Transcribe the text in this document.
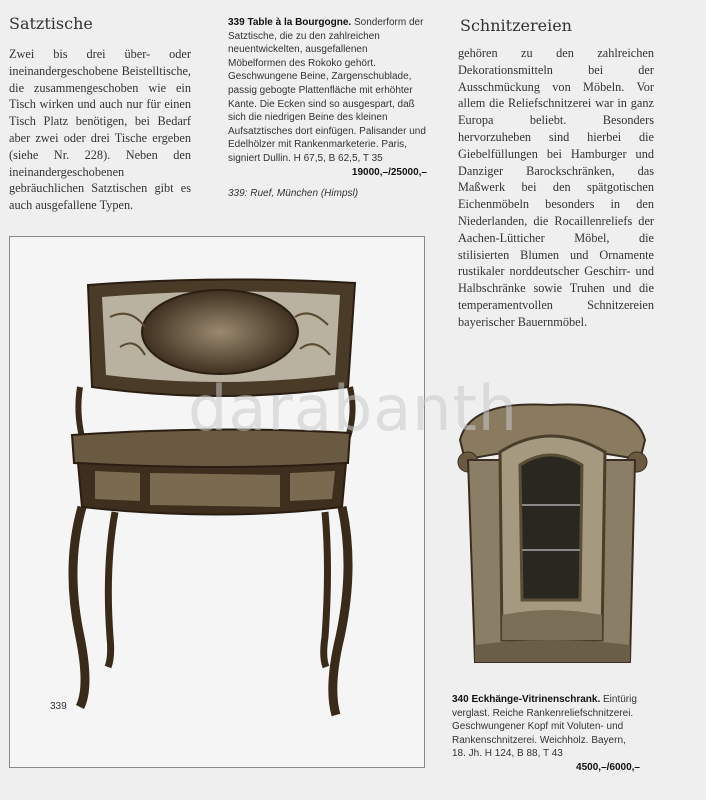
Satztische

Zwei bis drei über- oder ineinandergeschobene Beistelltische, die zusammengeschoben wie ein Tisch wirken und auch nur für einen Tisch Platz benötigen, bei Bedarf aber zwei oder drei Tische ergeben (siehe Nr. 228). Neben den ineinandergeschobenen gebräuchlichen Satztischen gibt es auch ausgefallene Typen.

339 Table à la Bourgogne. Sonderform der Satztische, die zu den zahlreichen neuentwickelten, ausgefallenen Möbelformen des Rokoko gehört. Geschwungene Beine, Zargenschublade, passig gebogte Plattenfläche mit erhöhter Kante. Die Ecken sind so ausgespart, daß sich die niedrigen Beine des kleinen Aufsatztisches dort einfügen. Palisander und Edelhölzer mit Rankenmarketerie. Paris, signiert Dullin. H 67,5, B 62,5, T 35
19000,–/25000,–
339: Ruef, München (Himpsl)
Schnitzereien

gehören zu den zahlreichen Dekorationsmitteln bei der Ausschmückung von Möbeln. Vor allem die Reliefschnitzerei war in ganz Europa beliebt. Besonders hervorzuheben sind hierbei die Giebelfüllungen bei Hamburger und Danziger Barockschränken, das Maßwerk bei den spätgotischen Eichenmöbeln besonders in den Niederlanden, die Rocaillenreliefs der Aachen-Lütticher Möbel, die stilisierten Blumen und Ornamente rustikaler norddeutscher Geschirr- und Halbschränke sowie Truhen und die temperamentvollen Schnitzereien bayerischer Bauernmöbel.

339
340 Eckhänge-Vitrinenschrank. Eintürig verglast. Reiche Rankenreliefschnitzerei. Geschwungener Kopf mit Voluten- und Rankenschnitzerei. Weichholz. Bayern, 18. Jh. H 124, B 88, T 43
4500,–/6000,–
darabanth
